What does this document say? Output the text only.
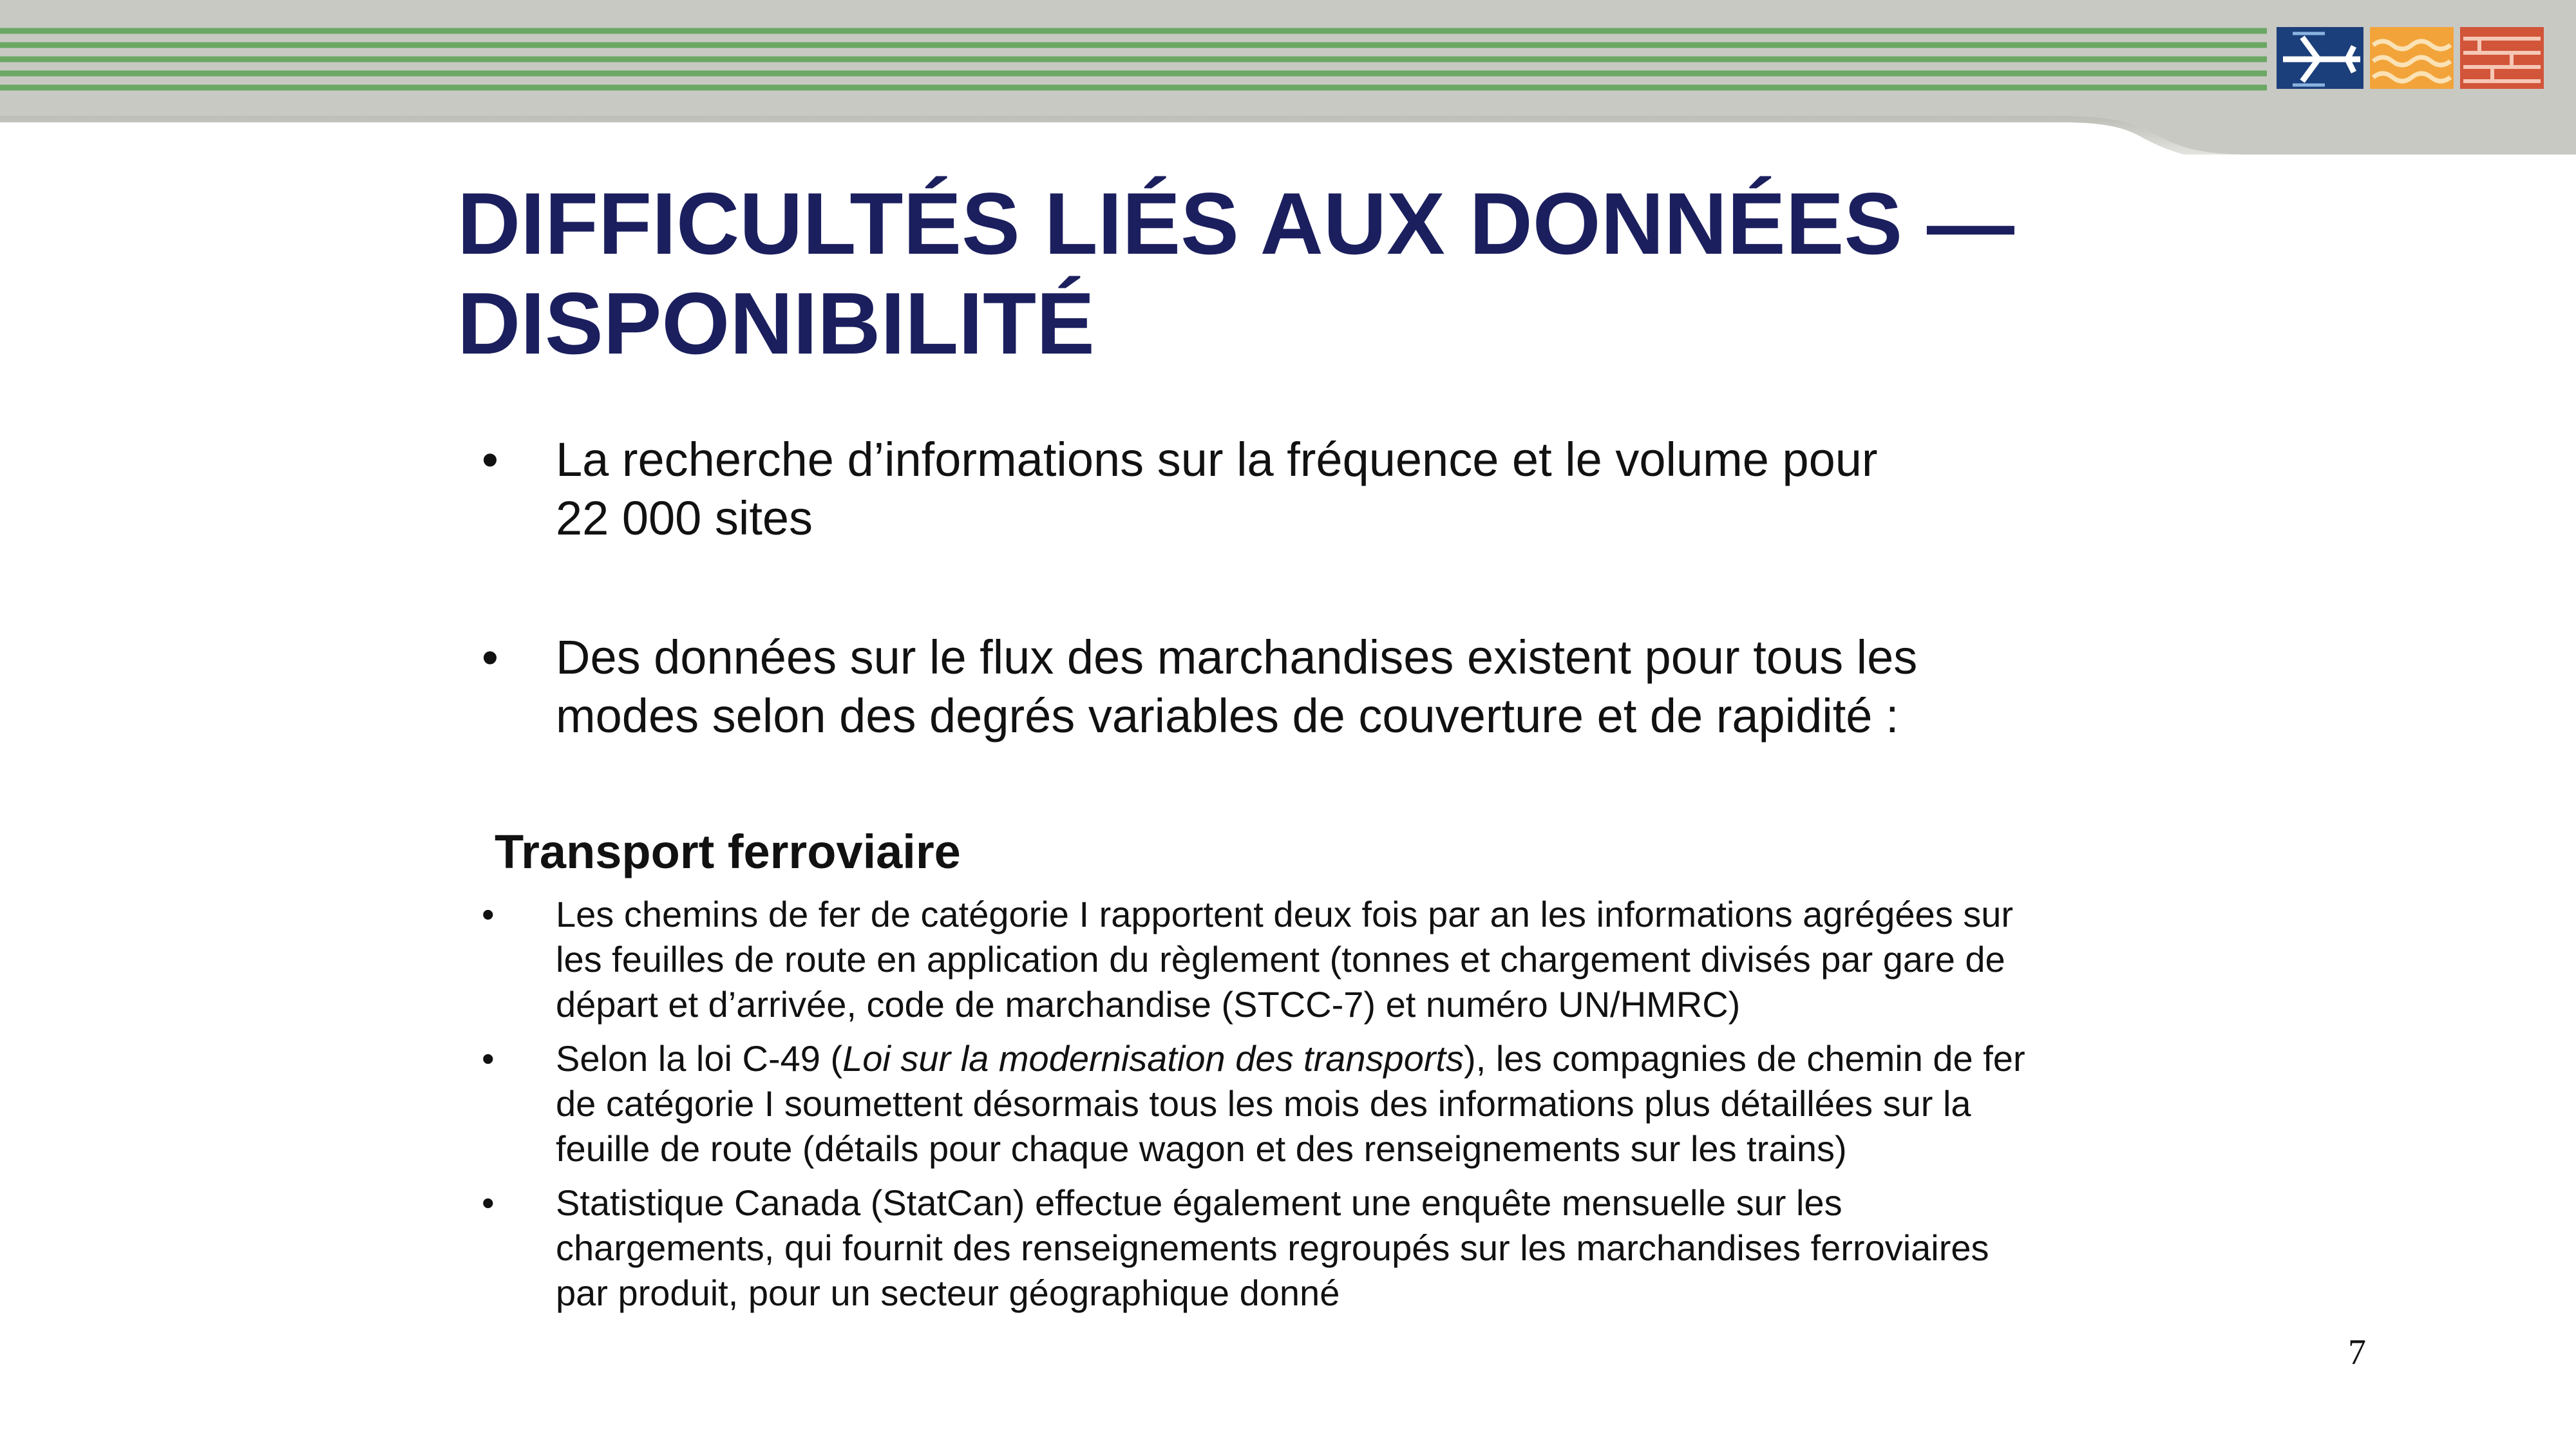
DIFFICULTÉS LIÉS AUX DONNÉES —
DISPONIBILITÉ
•	La recherche d’informations sur la fréquence et le volume pour
22 000 sites
•	Des données sur le flux des marchandises existent pour tous les
modes selon des degrés variables de couverture et de rapidité :
Transport ferroviaire
•	Les chemins de fer de catégorie I rapportent deux fois par an les informations agrégées sur
les feuilles de route en application du règlement (tonnes et chargement divisés par gare de
départ et d’arrivée, code de marchandise (STCC-7) et numéro UN/HMRC)
•	Selon la loi C-49 (Loi sur la modernisation des transports), les compagnies de chemin de fer
de catégorie I soumettent désormais tous les mois des informations plus détaillées sur la
feuille de route (détails pour chaque wagon et des renseignements sur les trains)
•	Statistique Canada (StatCan) effectue également une enquête mensuelle sur les
chargements, qui fournit des renseignements regroupés sur les marchandises ferroviaires
par produit, pour un secteur géographique donné
7
